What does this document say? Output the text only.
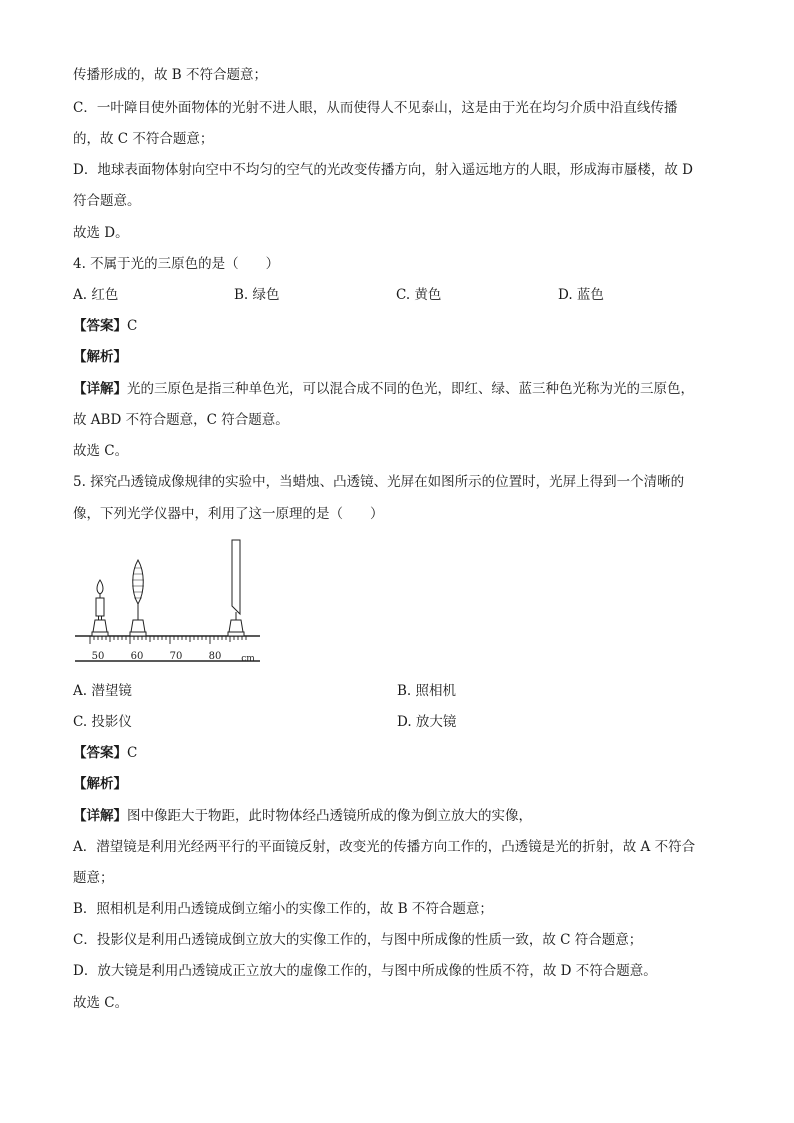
传播形成的，故 B 不符合题意；
C．一叶障目使外面物体的光射不进人眼，从而使得人不见泰山，这是由于光在均匀介质中沿直线传播
的，故 C 不符合题意；
D．地球表面物体射向空中不均匀的空气的光改变传播方向，射入遥远地方的人眼，形成海市蜃楼，故 D
符合题意。
故选 D。
4. 不属于光的三原色的是（　　）
A. 红色	B. 绿色	C. 黄色	D. 蓝色
【答案】C
【解析】
【详解】光的三原色是指三种单色光，可以混合成不同的色光，即红、绿、蓝三种色光称为光的三原色，
故 ABD 不符合题意，C 符合题意。
故选 C。
5. 探究凸透镜成像规律的实验中，当蜡烛、凸透镜、光屏在如图所示的位置时，光屏上得到一个清晰的
像，下列光学仪器中，利用了这一原理的是（　　）
50	60	70	80 cm
A. 潜望镜	B. 照相机
C. 投影仪	D. 放大镜
【答案】C
【解析】
【详解】图中像距大于物距，此时物体经凸透镜所成的像为倒立放大的实像，
A．潜望镜是利用光经两平行的平面镜反射，改变光的传播方向工作的，凸透镜是光的折射，故 A 不符合
题意；
B．照相机是利用凸透镜成倒立缩小的实像工作的，故 B 不符合题意；
C．投影仪是利用凸透镜成倒立放大的实像工作的，与图中所成像的性质一致，故 C 符合题意；
D．放大镜是利用凸透镜成正立放大的虚像工作的，与图中所成像的性质不符，故 D 不符合题意。
故选 C。
